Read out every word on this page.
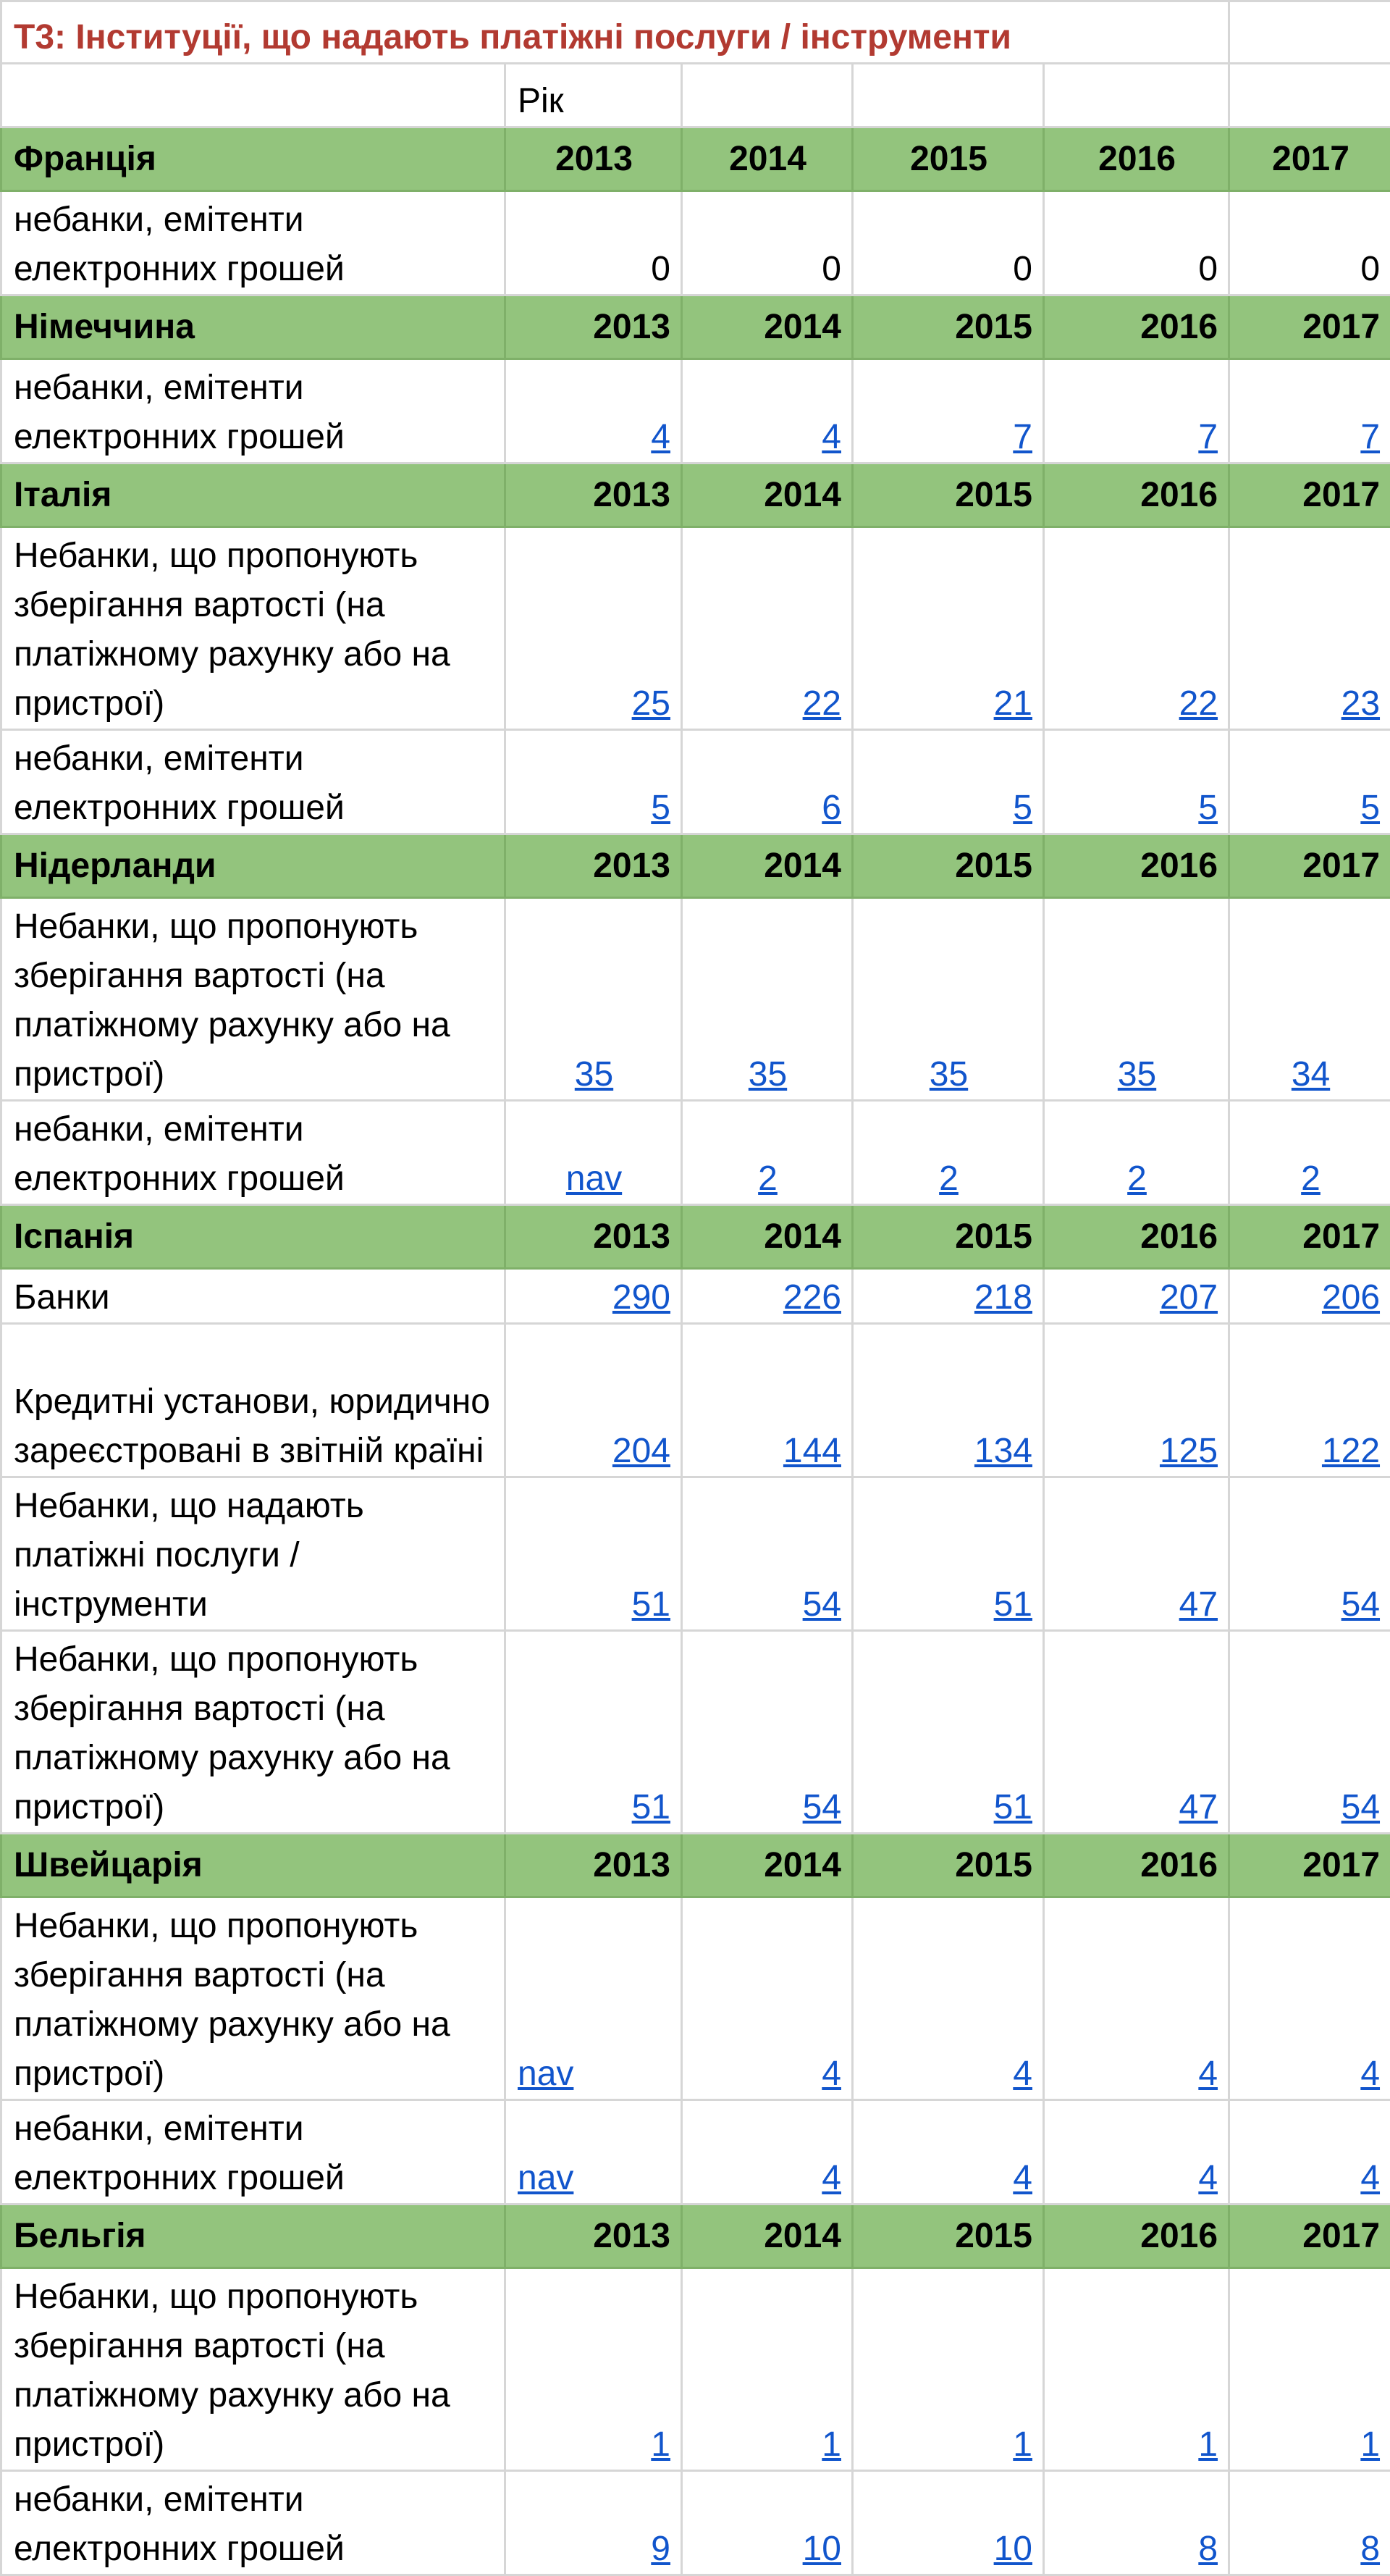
T3: Інституції, що надають платіжні послуги / інструменти					
	Рік				
Франція	2013	2014	2015	2016	2017
небанки, емітенти електронних грошей	0	0	0	0	0
Німеччина	2013	2014	2015	2016	2017
небанки, емітенти електронних грошей	4	4	7	7	7
Італія	2013	2014	2015	2016	2017
Небанки, що пропонують зберігання вартості (на платіжному рахунку або на пристрої)	25	22	21	22	23
небанки, емітенти електронних грошей	5	6	5	5	5
Нідерланди	2013	2014	2015	2016	2017
Небанки, що пропонують зберігання вартості (на платіжному рахунку або на пристрої)	35	35	35	35	34
небанки, емітенти електронних грошей	nav	2	2	2	2
Іспанія	2013	2014	2015	2016	2017
Банки	290	226	218	207	206
Кредитні установи, юридично зареєстровані в звітній країні	204	144	134	125	122
Небанки, що надають платіжні послуги / інструменти	51	54	51	47	54
Небанки, що пропонують зберігання вартості (на платіжному рахунку або на пристрої)	51	54	51	47	54
Швейцарія	2013	2014	2015	2016	2017
Небанки, що пропонують зберігання вартості (на платіжному рахунку або на пристрої)	nav	4	4	4	4
небанки, емітенти електронних грошей	nav	4	4	4	4
Бельгія	2013	2014	2015	2016	2017
Небанки, що пропонують зберігання вартості (на платіжному рахунку або на пристрої)	1	1	1	1	1
небанки, емітенти електронних грошей	9	10	10	8	8
